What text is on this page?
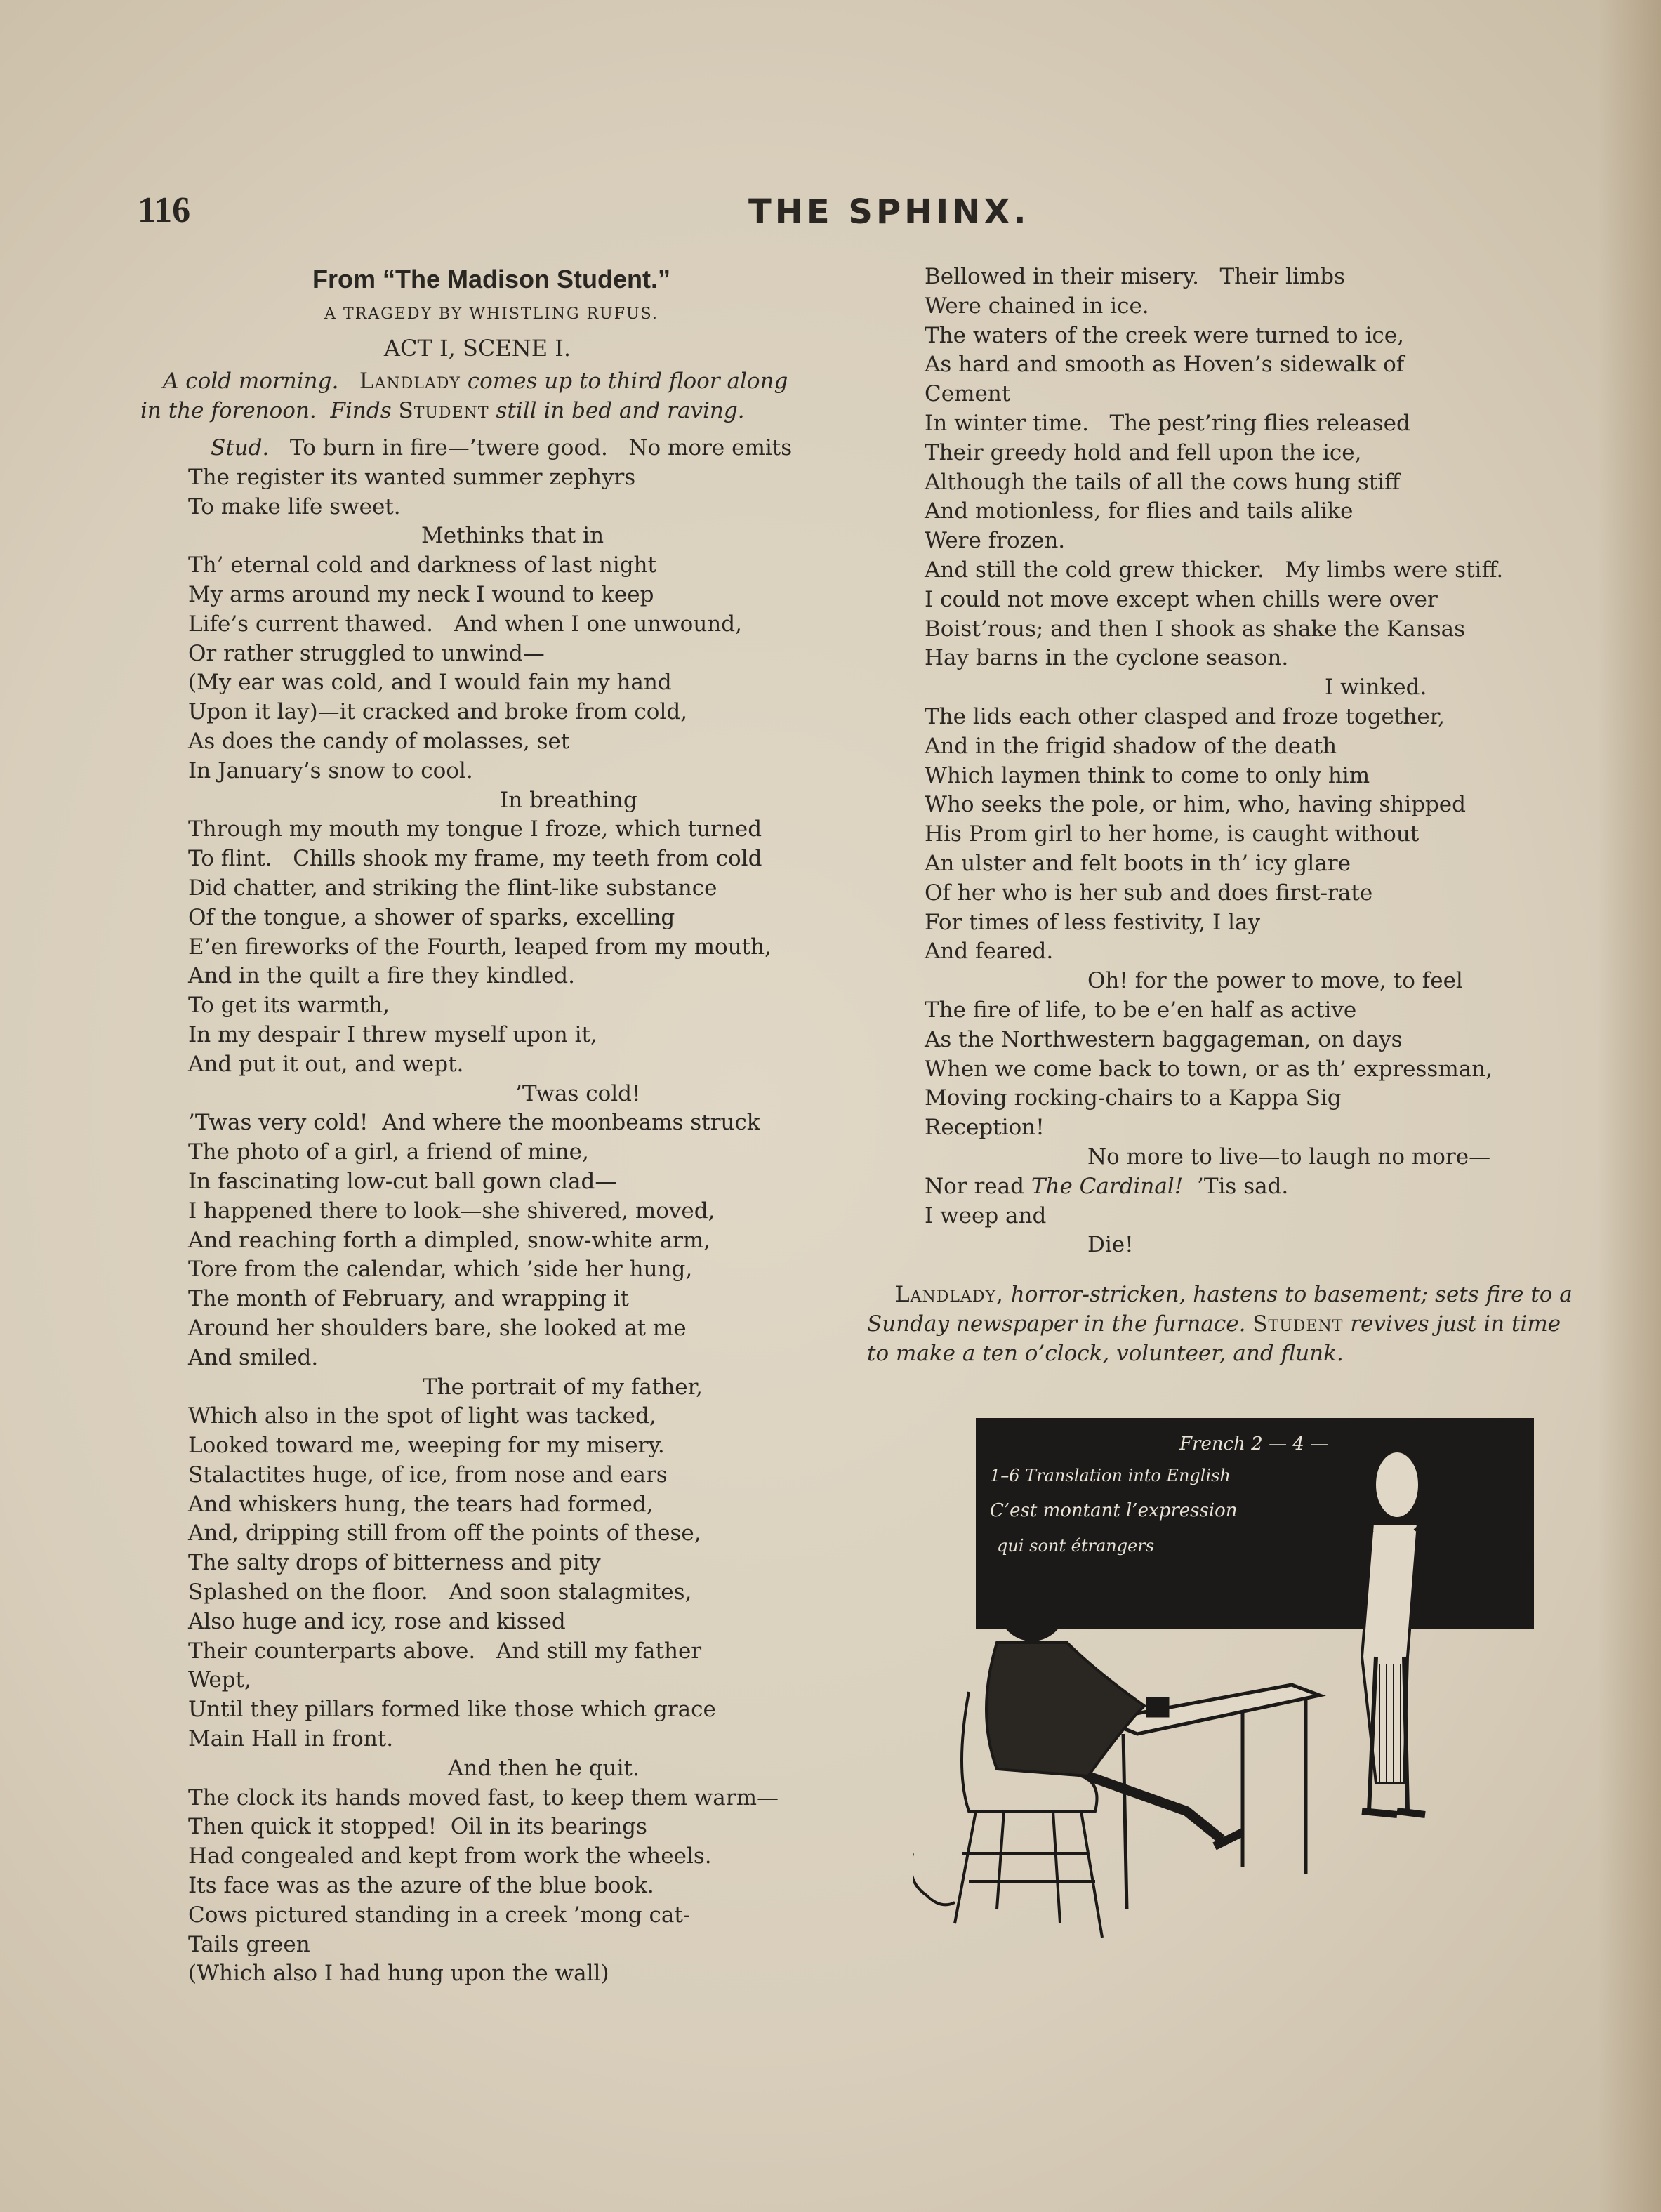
116	THE SPHINX.
From “The Madison Student.”
A TRAGEDY BY WHISTLING RUFUS.
ACT I, SCENE I.
A cold morning. Landlady comes up to third floor along
in the forenoon.  Finds Student still in bed and raving.
Stud. To burn in fire—’twere good.   No more emits
The register its wanted summer zephyrs
To make life sweet.
Methinks that in
Th’ eternal cold and darkness of last night
My arms around my neck I wound to keep
Life’s current thawed.   And when I one unwound,
Or rather struggled to unwind—
(My ear was cold, and I would fain my hand
Upon it lay)—it cracked and broke from cold,
As does the candy of molasses, set
In January’s snow to cool.
In breathing
Through my mouth my tongue I froze, which turned
To flint.   Chills shook my frame, my teeth from cold
Did chatter, and striking the flint-like substance
Of the tongue, a shower of sparks, excelling
E’en fireworks of the Fourth, leaped from my mouth,
And in the quilt a fire they kindled.
To get its warmth,
In my despair I threw myself upon it,
And put it out, and wept.
’Twas cold!
’Twas very cold!  And where the moonbeams struck
The photo of a girl, a friend of mine,
In fascinating low-cut ball gown clad—
I happened there to look—she shivered, moved,
And reaching forth a dimpled, snow-white arm,
Tore from the calendar, which ’side her hung,
The month of February, and wrapping it
Around her shoulders bare, she looked at me
And smiled.
The portrait of my father,
Which also in the spot of light was tacked,
Looked toward me, weeping for my misery.
Stalactites huge, of ice, from nose and ears
And whiskers hung, the tears had formed,
And, dripping still from off the points of these,
The salty drops of bitterness and pity
Splashed on the floor.   And soon stalagmites,
Also huge and icy, rose and kissed
Their counterparts above.   And still my father
Wept,
Until they pillars formed like those which grace
Main Hall in front.
And then he quit.
The clock its hands moved fast, to keep them warm—
Then quick it stopped!  Oil in its bearings
Had congealed and kept from work the wheels.
Its face was as the azure of the blue book.
Cows pictured standing in a creek ’mong cat-
Tails green
(Which also I had hung upon the wall)
Bellowed in their misery.   Their limbs
Were chained in ice.
The waters of the creek were turned to ice,
As hard and smooth as Hoven’s sidewalk of
Cement
In winter time.   The pest’ring flies released
Their greedy hold and fell upon the ice,
Although the tails of all the cows hung stiff
And motionless, for flies and tails alike
Were frozen.
And still the cold grew thicker.   My limbs were stiff.
I could not move except when chills were over
Boist’rous; and then I shook as shake the Kansas
Hay barns in the cyclone season.
I winked.
The lids each other clasped and froze together,
And in the frigid shadow of the death
Which laymen think to come to only him
Who seeks the pole, or him, who, having shipped
His Prom girl to her home, is caught without
An ulster and felt boots in th’ icy glare
Of her who is her sub and does first-rate
For times of less festivity, I lay
And feared.
Oh! for the power to move, to feel
The fire of life, to be e’en half as active
As the Northwestern baggageman, on days
When we come back to town, or as th’ expressman,
Moving rocking-chairs to a Kappa Sig
Reception!
No more to live—to laugh no more—
Nor read The Cardinal! ’Tis sad.
I weep and
Die!
Landlady, horror-stricken, hastens to basement; sets fire to a Sunday newspaper in the furnace. Student revives just in time to make a ten o’clock, volunteer, and flunk.
French 2 — 4 —
1–6 Translation into English
C’est montant l’expression
qui sont étrangers
